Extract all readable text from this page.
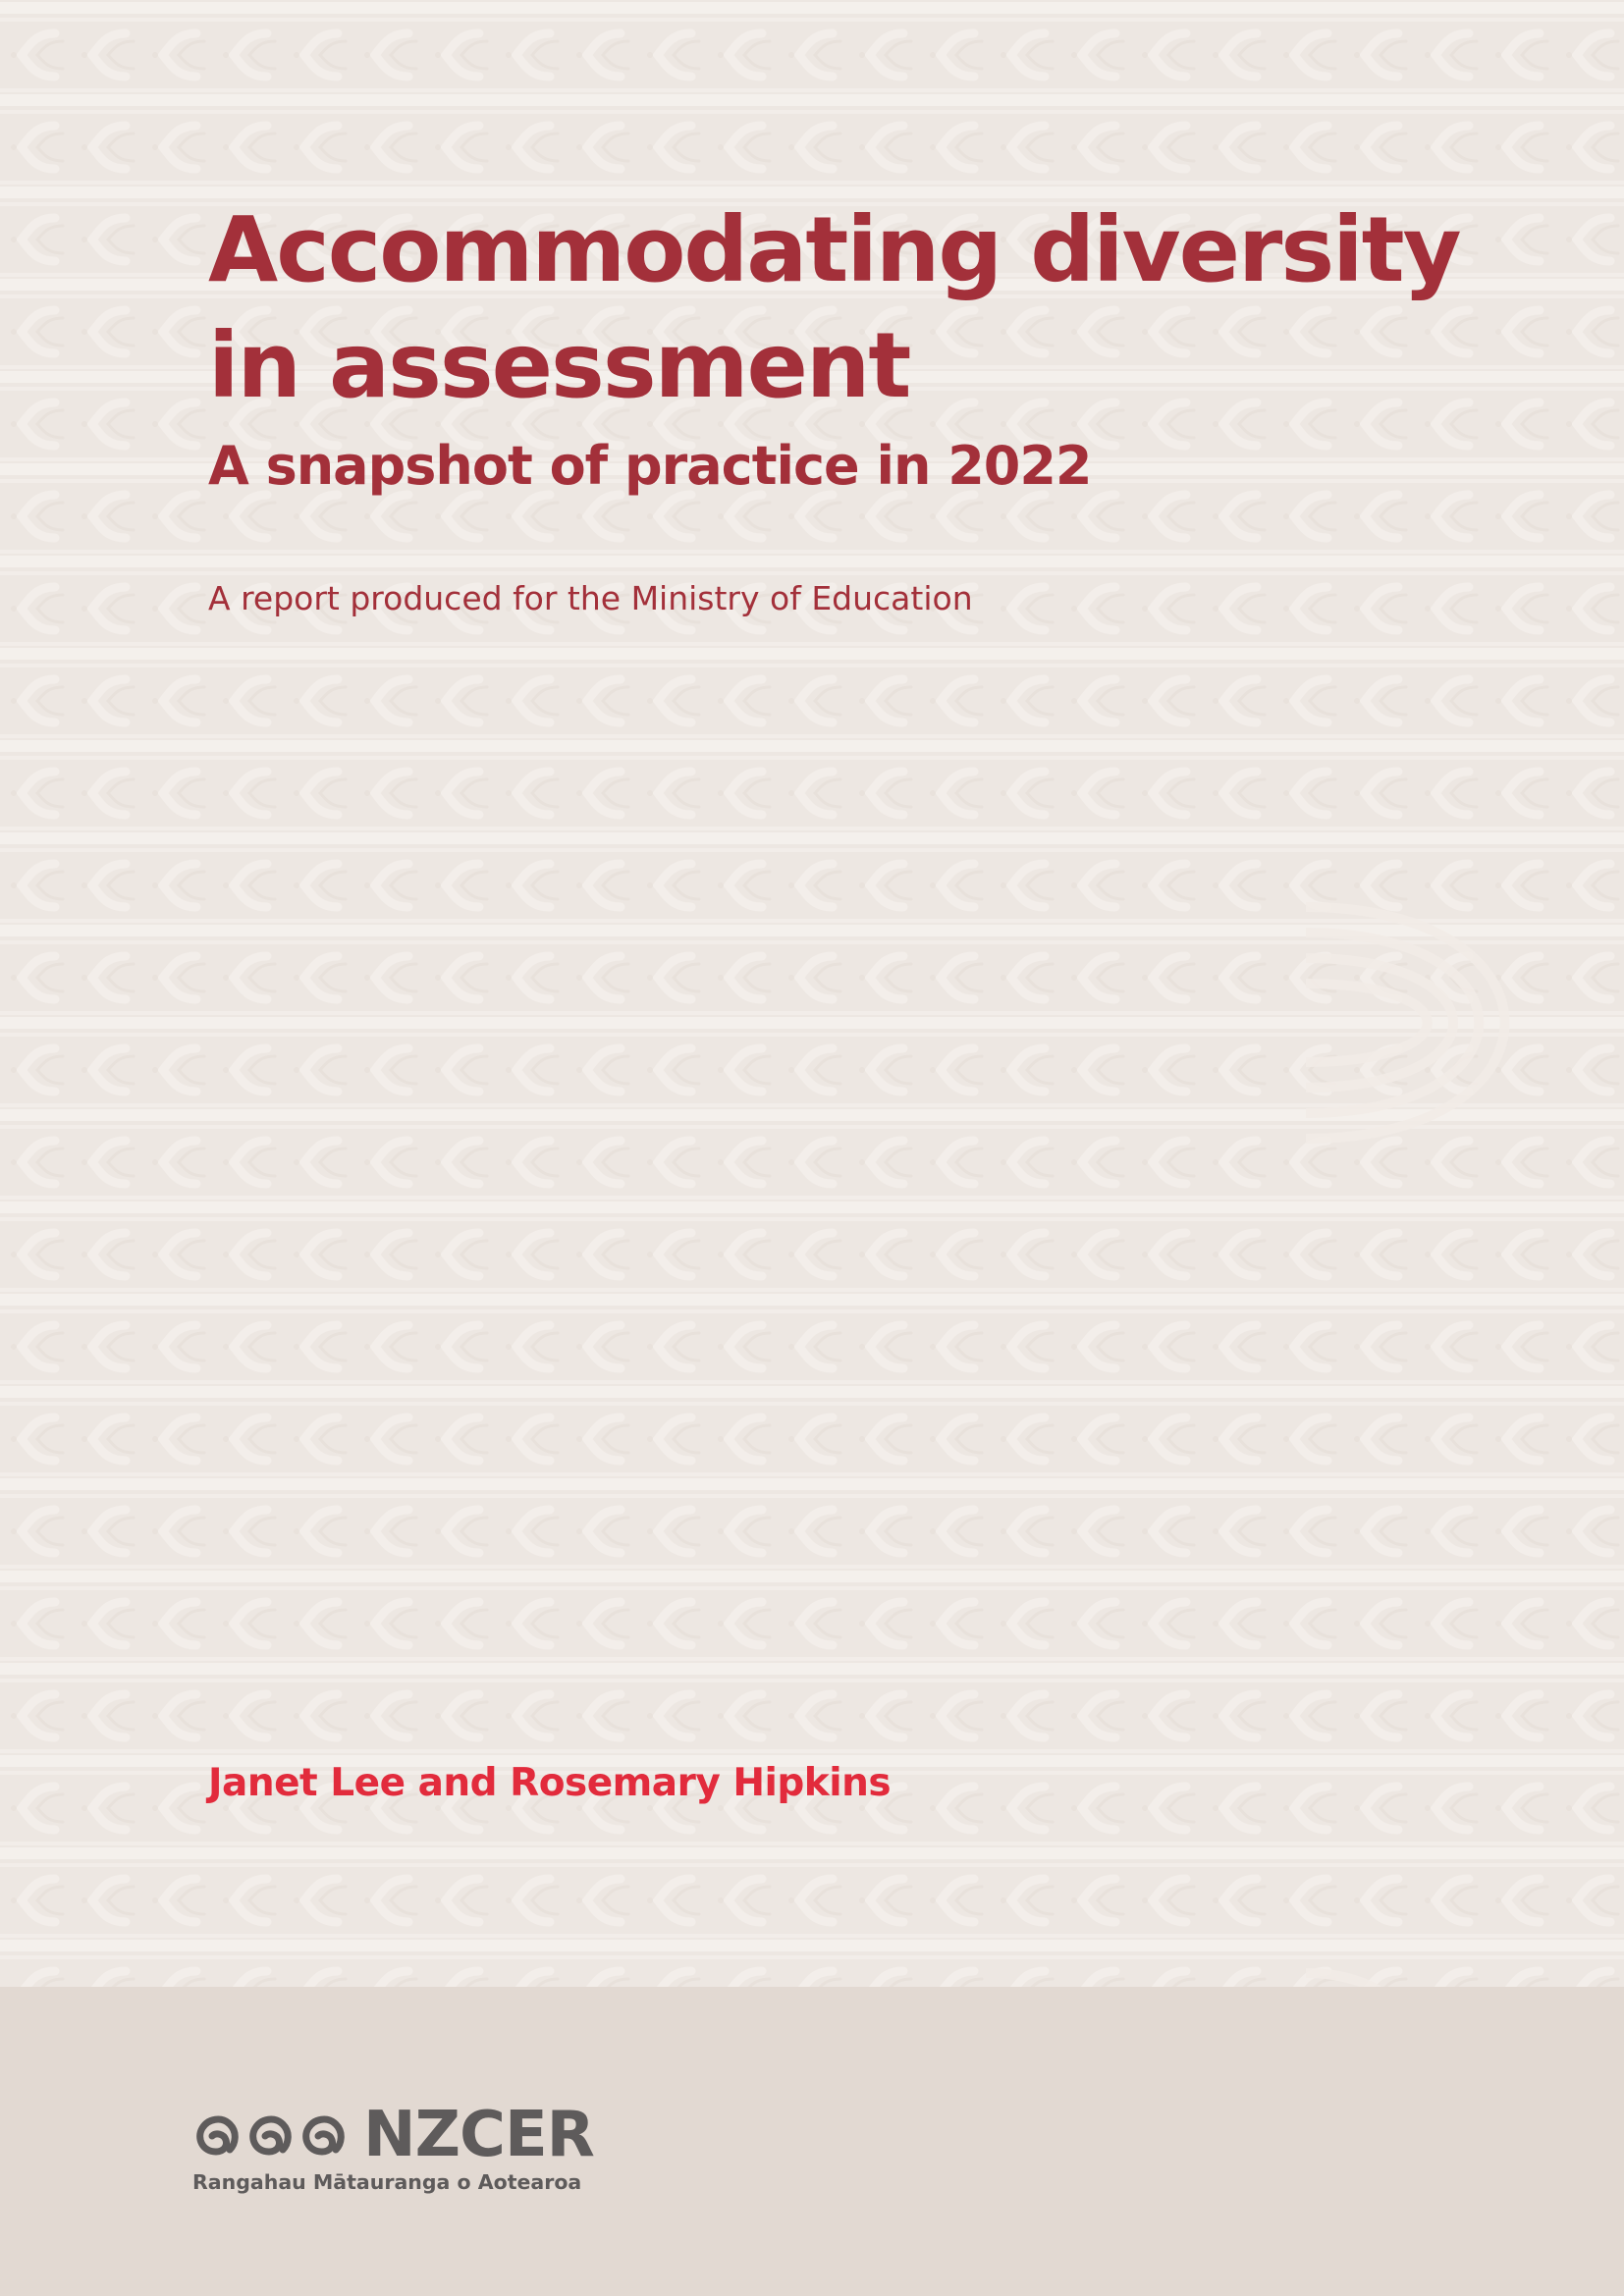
Accommodating diversity
in assessment
A snapshot of practice in 2022
A report produced for the Ministry of Education
Janet Lee and Rosemary Hipkins
NZCER
Rangahau Mātauranga o Aotearoa
